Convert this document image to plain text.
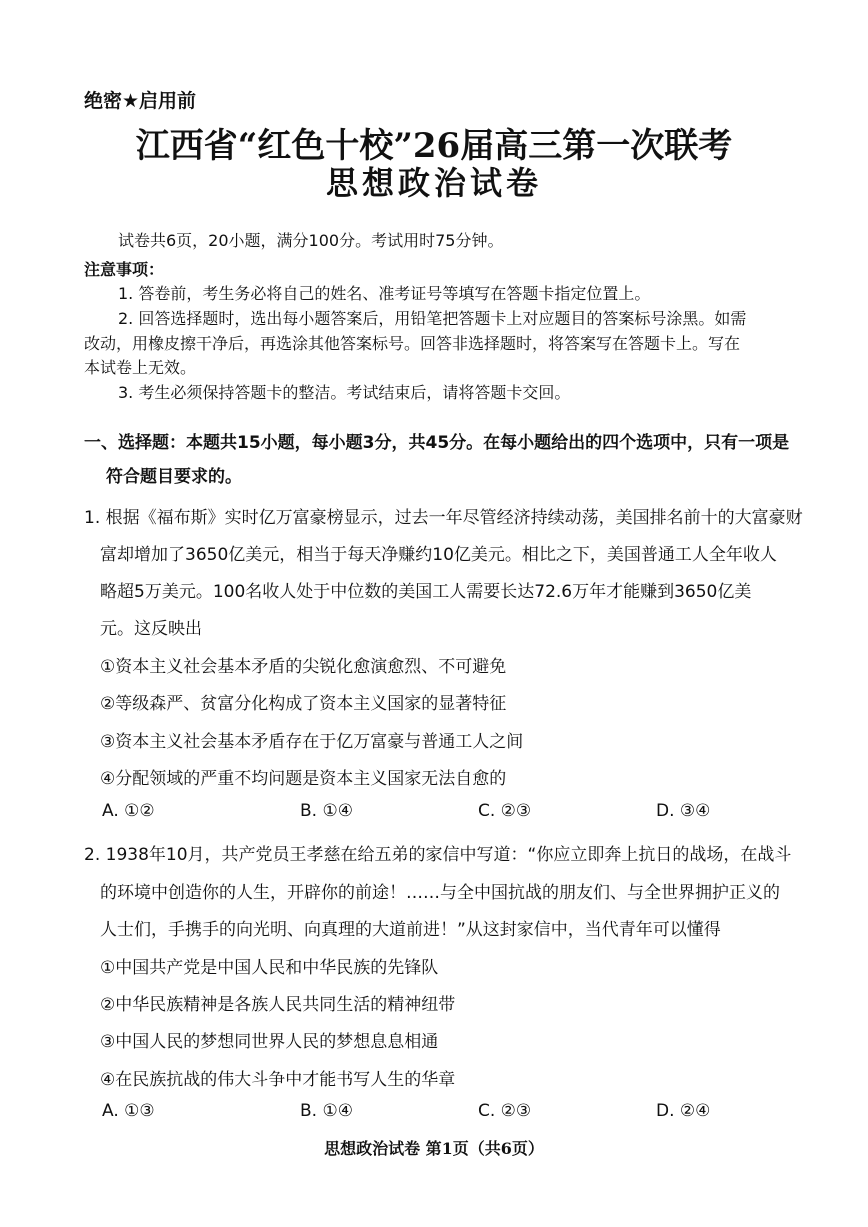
绝密★启用前
江西省“红色十校”26届高三第一次联考
思想政治试卷
试卷共6页，20小题，满分100分。考试用时75分钟。
注意事项：
1. 答卷前，考生务必将自己的姓名、准考证号等填写在答题卡指定位置上。
2. 回答选择题时，选出每小题答案后，用铅笔把答题卡上对应题目的答案标号涂黑。如需
改动，用橡皮擦干净后，再选涂其他答案标号。回答非选择题时，将答案写在答题卡上。写在
本试卷上无效。
3. 考生必须保持答题卡的整洁。考试结束后，请将答题卡交回。
一、选择题：本题共15小题，每小题3分，共45分。在每小题给出的四个选项中，只有一项是
符合题目要求的。
1. 根据《福布斯》实时亿万富豪榜显示，过去一年尽管经济持续动荡，美国排名前十的大富豪财
富却增加了3650亿美元，相当于每天净赚约10亿美元。相比之下，美国普通工人全年收人
略超5万美元。100名收人处于中位数的美国工人需要长达72.6万年才能赚到3650亿美
元。这反映出
①资本主义社会基本矛盾的尖锐化愈演愈烈、不可避免
②等级森严、贫富分化构成了资本主义国家的显著特征
③资本主义社会基本矛盾存在于亿万富豪与普通工人之间
④分配领域的严重不均问题是资本主义国家无法自愈的
A. ①②	B. ①④	C. ②③	D. ③④
2. 1938年10月，共产党员王孝慈在给五弟的家信中写道：“你应立即奔上抗日的战场，在战斗
的环境中创造你的人生，开辟你的前途！……与全中国抗战的朋友们、与全世界拥护正义的
人士们，手携手的向光明、向真理的大道前进！”从这封家信中，当代青年可以懂得
①中国共产党是中国人民和中华民族的先锋队
②中华民族精神是各族人民共同生活的精神纽带
③中国人民的梦想同世界人民的梦想息息相通
④在民族抗战的伟大斗争中才能书写人生的华章
A. ①③	B. ①④	C. ②③	D. ②④
思想政治试卷 第1页（共6页）
